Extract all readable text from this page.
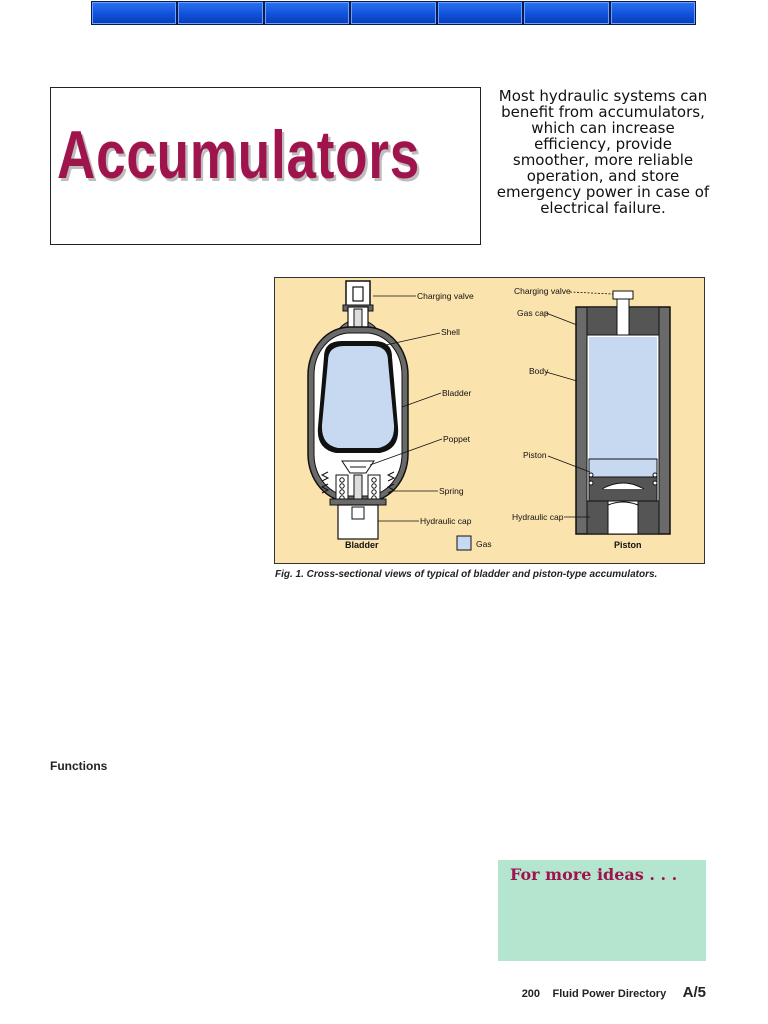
Accumulators

Most hydraulic systems can benefit from accumulators, which can increase efficiency, provide smoother, more reliable operation, and store emergency power in case of electrical failure.

Charging valve
Shell
Bladder
Poppet
Spring
Hydraulic cap
Bladder	Gas
Charging valve
Gas cap
Body
Piston
Hydraulic cap
Piston

Fig. 1. Cross-sectional views of typical of bladder and piston-type accumulators.

Functions
For more ideas . . .
200 Fluid Power Directory A/5
